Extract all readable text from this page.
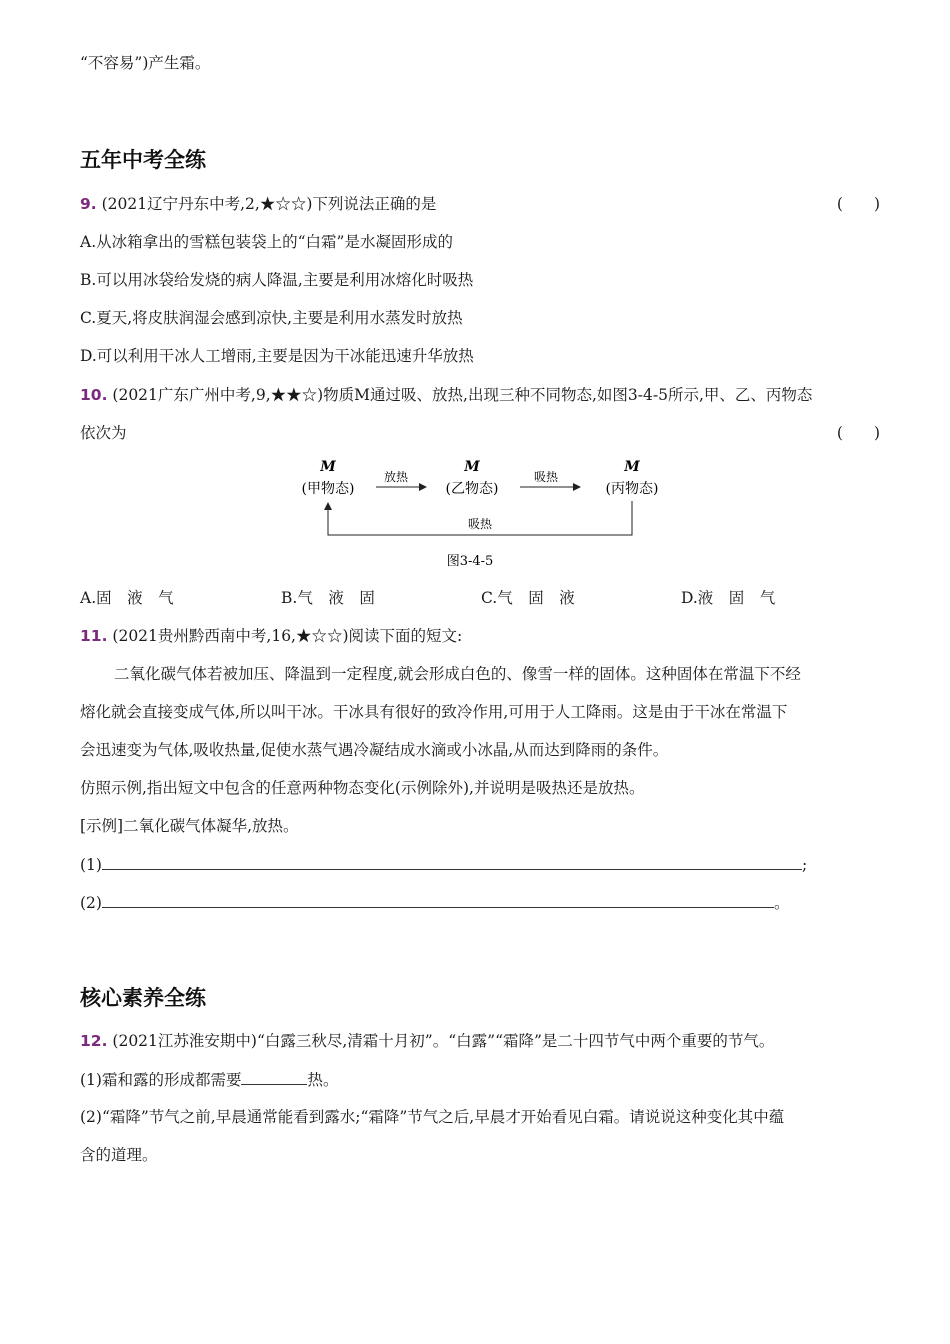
“不容易”)产生霜。
五年中考全练
9. (2021辽宁丹东中考,2,★☆☆)下列说法正确的是	(　　)
A.从冰箱拿出的雪糕包装袋上的“白霜”是水凝固形成的
B.可以用冰袋给发烧的病人降温,主要是利用冰熔化时吸热
C.夏天,将皮肤润湿会感到凉快,主要是利用水蒸发时放热
D.可以利用干冰人工增雨,主要是因为干冰能迅速升华放热
10. (2021广东广州中考,9,★★☆)物质M通过吸、放热,出现三种不同物态,如图3-4-5所示,甲、乙、丙物态
依次为	(　　)
M
(甲物态)
M
(乙物态)
M
(丙物态)
放热	吸热
吸热
图3-4-5
A.固　液　气	B.气　液　固	C.气　固　液	D.液　固　气
11. (2021贵州黔西南中考,16,★☆☆)阅读下面的短文:
二氧化碳气体若被加压、降温到一定程度,就会形成白色的、像雪一样的固体。这种固体在常温下不经
熔化就会直接变成气体,所以叫干冰。干冰具有很好的致冷作用,可用于人工降雨。这是由于干冰在常温下
会迅速变为气体,吸收热量,促使水蒸气遇冷凝结成水滴或小冰晶,从而达到降雨的条件。
仿照示例,指出短文中包含的任意两种物态变化(示例除外),并说明是吸热还是放热。
[示例]二氧化碳气体凝华,放热。
(1)	;
(2)	。
核心素养全练
12. (2021江苏淮安期中)“白露三秋尽,清霜十月初”。“白露”“霜降”是二十四节气中两个重要的节气。
(1)霜和露的形成都需要	热。
(2)“霜降”节气之前,早晨通常能看到露水;“霜降”节气之后,早晨才开始看见白霜。请说说这种变化其中蕴
含的道理。
